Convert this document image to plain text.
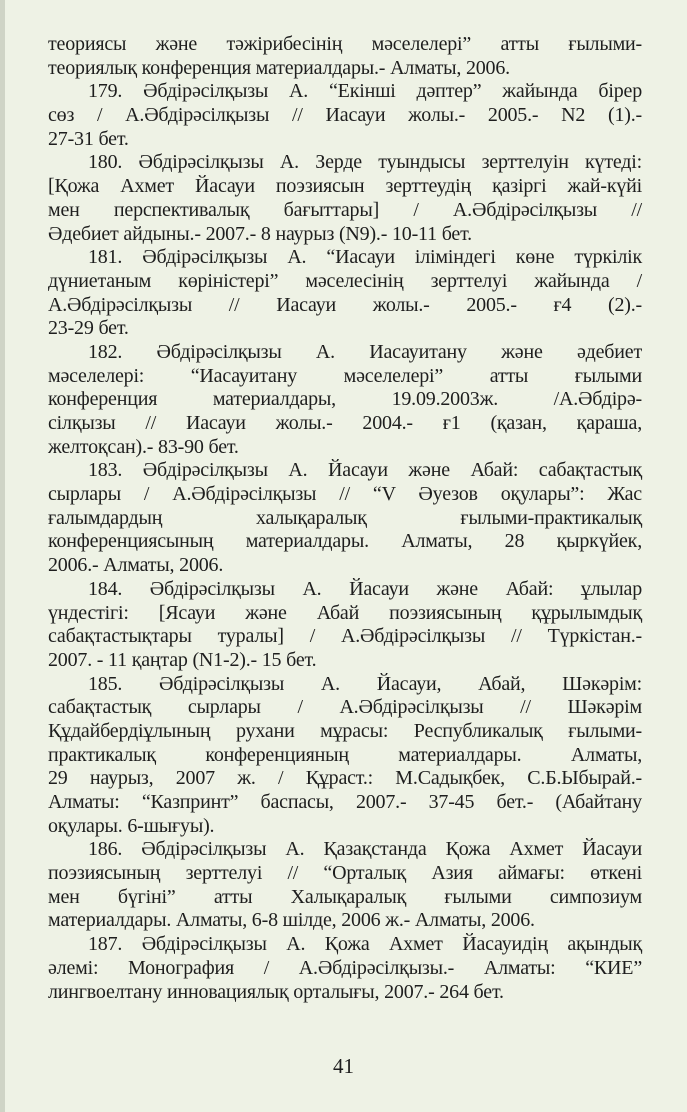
теориясы және тәжірибесінің мәселелері” атты ғылыми-
теориялық конференция материалдары.- Алматы, 2006.
179. Әбдірәсілқызы А. “Екінші дәптер” жайында бірер
сөз / А.Әбдірәсілқызы // Иасауи жолы.- 2005.- N2 (1).-
27-31 бет.
180. Әбдірәсілқызы А. Зерде туындысы зерттелуін күтеді:
[Қожа Ахмет Йасауи поэзиясын зерттеудің қазіргі жай-күйі
мен перспективалық бағыттары] / А.Әбдірәсілқызы //
Әдебиет айдыны.- 2007.- 8 наурыз (N9).- 10-11 бет.
181. Әбдірәсілқызы А. “Иасауи іліміндегі көне түркілік
дүниетаным көріністері” мәселесінің зерттелуі жайында /
А.Әбдірәсілқызы // Иасауи жолы.- 2005.- ғ4 (2).-
23-29 бет.
182. Әбдірәсілқызы А. Иасауитану және әдебиет
мәселелері: “Иасауитану мәселелері” атты ғылыми
конференция материалдары, 19.09.2003ж. /А.Әбдірә-
сілқызы // Иасауи жолы.- 2004.- ғ1 (қазан, қараша,
желтоқсан).- 83-90 бет.
183. Әбдірәсілқызы А. Йасауи және Абай: сабақтастық
сырлары / А.Әбдірәсілқызы // “V Әуезов оқулары”: Жас
ғалымдардың халықаралық ғылыми-практикалық
конференциясының материалдары. Алматы, 28 қыркүйек,
2006.- Алматы, 2006.
184. Әбдірәсілқызы А. Йасауи және Абай: ұлылар
үндестігі: [Ясауи және Абай поэзиясының құрылымдық
сабақтастықтары туралы] / А.Әбдірәсілқызы // Түркістан.-
2007. - 11 қаңтар (N1-2).- 15 бет.
185. Әбдірәсілқызы А. Йасауи, Абай, Шәкәрім:
сабақтастық сырлары / А.Әбдірәсілқызы // Шәкәрім
Құдайбердіұлының рухани мұрасы: Республикалық ғылыми-
практикалық конференцияның материалдары. Алматы,
29 наурыз, 2007 ж. / Құраст.: М.Садықбек, С.Б.Ыбырай.-
Алматы: “Казпринт” баспасы, 2007.- 37-45 бет.- (Абайтану
оқулары. 6-шығуы).
186. Әбдірәсілқызы А. Қазақстанда Қожа Ахмет Йасауи
поэзиясының зерттелуі // “Орталық Азия аймағы: өткені
мен бүгіні” атты Халықаралық ғылыми симпозиум
материалдары. Алматы, 6-8 шілде, 2006 ж.- Алматы, 2006.
187. Әбдірәсілқызы А. Қожа Ахмет Йасауидің ақындық
әлемі: Монография / А.Әбдірәсілқызы.- Алматы: “КИЕ”
лингвоелтану инновациялық орталығы, 2007.- 264 бет.
41
